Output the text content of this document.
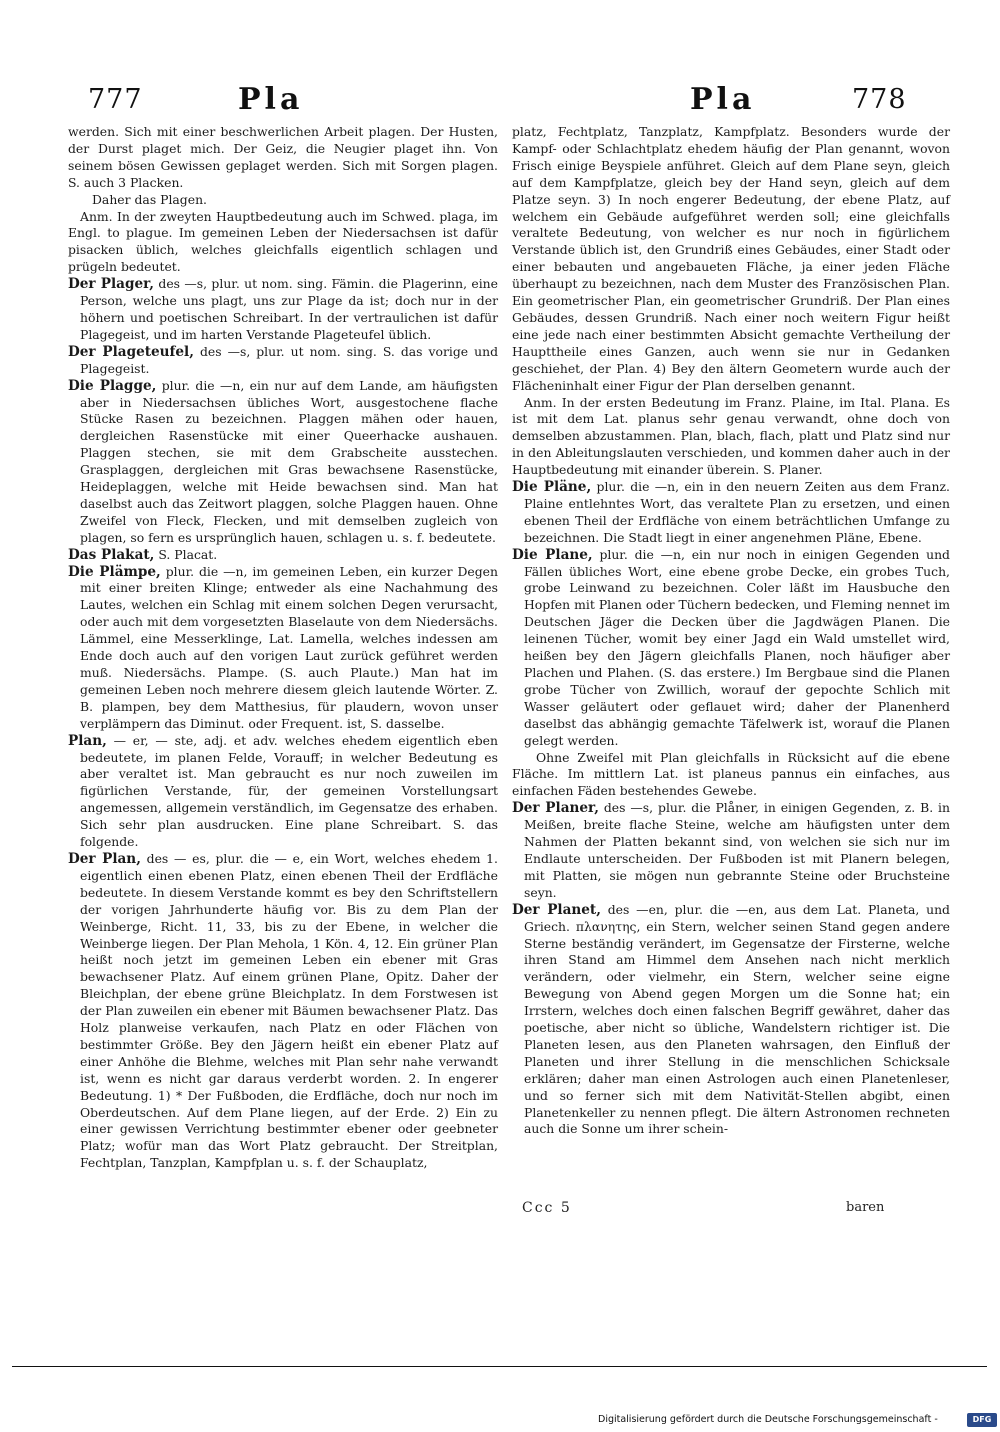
777	Pla	Pla	778

werden. Sich mit einer beschwerlichen Arbeit plagen. Der Husten, der Durst plaget mich. Der Geiz, die Neugier plaget ihn. Von seinem bösen Gewissen geplaget werden. Sich mit Sorgen plagen. S. auch 3 Placken.

Daher das Plagen.

Anm. In der zweyten Hauptbedeutung auch im Schwed. plaga, im Engl. to plague. Im gemeinen Leben der Niedersachsen ist dafür pisacken üblich, welches gleichfalls eigentlich schlagen und prügeln bedeutet.

Der Plager, des —s, plur. ut nom. sing. Fämin. die Plagerinn, eine Person, welche uns plagt, uns zur Plage da ist; doch nur in der höhern und poetischen Schreibart. In der vertraulichen ist dafür Plagegeist, und im harten Verstande Plageteufel üblich.

Der Plageteufel, des —s, plur. ut nom. sing. S. das vorige und Plagegeist.

Die Plagge, plur. die —n, ein nur auf dem Lande, am häufigsten aber in Niedersachsen übliches Wort, ausgestochene flache Stücke Rasen zu bezeichnen. Plaggen mähen oder hauen, dergleichen Rasenstücke mit einer Queerhacke aushauen. Plaggen stechen, sie mit dem Grabscheite ausstechen. Grasplaggen, dergleichen mit Gras bewachsene Rasenstücke, Heideplaggen, welche mit Heide bewachsen sind. Man hat daselbst auch das Zeitwort plaggen, solche Plaggen hauen. Ohne Zweifel von Fleck, Flecken, und mit demselben zugleich von plagen, so fern es ursprünglich hauen, schlagen u. s. f. bedeutete.

Das Plakat, S. Placat.

Die Plämpe, plur. die —n, im gemeinen Leben, ein kurzer Degen mit einer breiten Klinge; entweder als eine Nachahmung des Lautes, welchen ein Schlag mit einem solchen Degen verursacht, oder auch mit dem vorgesetzten Blaselaute von dem Niedersächs. Lämmel, eine Messerklinge, Lat. Lamella, welches indessen am Ende doch auch auf den vorigen Laut zurück geführet werden muß. Niedersächs. Plampe. (S. auch Plaute.) Man hat im gemeinen Leben noch mehrere diesem gleich lautende Wörter. Z. B. plampen, bey dem Matthesius, für plaudern, wovon unser verplämpern das Diminut. oder Frequent. ist, S. dasselbe.

Plan, — er, — ste, adj. et adv. welches ehedem eigentlich eben bedeutete, im planen Felde, Vorauff; in welcher Bedeutung es aber veraltet ist. Man gebraucht es nur noch zuweilen im figürlichen Verstande, für, der gemeinen Vorstellungsart angemessen, allgemein verständlich, im Gegensatze des erhaben. Sich sehr plan ausdrucken. Eine plane Schreibart. S. das folgende.

Der Plan, des — es, plur. die — e, ein Wort, welches ehedem 1. eigentlich einen ebenen Platz, einen ebenen Theil der Erdfläche bedeutete. In diesem Verstande kommt es bey den Schriftstellern der vorigen Jahrhunderte häufig vor. Bis zu dem Plan der Weinberge, Richt. 11, 33, bis zu der Ebene, in welcher die Weinberge liegen. Der Plan Mehola, 1 Kön. 4, 12. Ein grüner Plan heißt noch jetzt im gemeinen Leben ein ebener mit Gras bewachsener Platz. Auf einem grünen Plane, Opitz. Daher der Bleichplan, der ebene grüne Bleichplatz. In dem Forstwesen ist der Plan zuweilen ein ebener mit Bäumen bewachsener Platz. Das Holz planweise verkaufen, nach Platz en oder Flächen von bestimmter Größe. Bey den Jägern heißt ein ebener Platz auf einer Anhöhe die Blehme, welches mit Plan sehr nahe verwandt ist, wenn es nicht gar daraus verderbt worden. 2. In engerer Bedeutung. 1) * Der Fußboden, die Erdfläche, doch nur noch im Oberdeutschen. Auf dem Plane liegen, auf der Erde. 2) Ein zu einer gewissen Verrichtung bestimmter ebener oder geebneter Platz; wofür man das Wort Platz gebraucht. Der Streitplan, Fechtplan, Tanzplan, Kampfplan u. s. f. der Schauplatz,

platz, Fechtplatz, Tanzplatz, Kampfplatz. Besonders wurde der Kampf- oder Schlachtplatz ehedem häufig der Plan genannt, wovon Frisch einige Beyspiele anführet. Gleich auf dem Plane seyn, gleich auf dem Kampfplatze, gleich bey der Hand seyn, gleich auf dem Platze seyn. 3) In noch engerer Bedeutung, der ebene Platz, auf welchem ein Gebäude aufgeführet werden soll; eine gleichfalls veraltete Bedeutung, von welcher es nur noch in figürlichem Verstande üblich ist, den Grundriß eines Gebäudes, einer Stadt oder einer bebauten und angebaueten Fläche, ja einer jeden Fläche überhaupt zu bezeichnen, nach dem Muster des Französischen Plan. Ein geometrischer Plan, ein geometrischer Grundriß. Der Plan eines Gebäudes, dessen Grundriß. Nach einer noch weitern Figur heißt eine jede nach einer bestimmten Absicht gemachte Vertheilung der Haupttheile eines Ganzen, auch wenn sie nur in Gedanken geschiehet, der Plan. 4) Bey den ältern Geometern wurde auch der Flächeninhalt einer Figur der Plan derselben genannt.

Anm. In der ersten Bedeutung im Franz. Plaine, im Ital. Plana. Es ist mit dem Lat. planus sehr genau verwandt, ohne doch von demselben abzustammen. Plan, blach, flach, platt und Platz sind nur in den Ableitungslauten verschieden, und kommen daher auch in der Hauptbedeutung mit einander überein. S. Planer.

Die Pläne, plur. die —n, ein in den neuern Zeiten aus dem Franz. Plaine entlehntes Wort, das veraltete Plan zu ersetzen, und einen ebenen Theil der Erdfläche von einem beträchtlichen Umfange zu bezeichnen. Die Stadt liegt in einer angenehmen Pläne, Ebene.

Die Plane, plur. die —n, ein nur noch in einigen Gegenden und Fällen übliches Wort, eine ebene grobe Decke, ein grobes Tuch, grobe Leinwand zu bezeichnen. Coler läßt im Hausbuche den Hopfen mit Planen oder Tüchern bedecken, und Fleming nennet im Deutschen Jäger die Decken über die Jagdwägen Planen. Die leinenen Tücher, womit bey einer Jagd ein Wald umstellet wird, heißen bey den Jägern gleichfalls Planen, noch häufiger aber Plachen und Plahen. (S. das erstere.) Im Bergbaue sind die Planen grobe Tücher von Zwillich, worauf der gepochte Schlich mit Wasser geläutert oder geflauet wird; daher der Planenherd daselbst das abhängig gemachte Täfelwerk ist, worauf die Planen gelegt werden.

Ohne Zweifel mit Plan gleichfalls in Rücksicht auf die ebene Fläche. Im mittlern Lat. ist planeus pannus ein einfaches, aus einfachen Fäden bestehendes Gewebe.

Der Planer, des —s, plur. die Plåner, in einigen Gegenden, z. B. in Meißen, breite flache Steine, welche am häufigsten unter dem Nahmen der Platten bekannt sind, von welchen sie sich nur im Endlaute unterscheiden. Der Fußboden ist mit Planern belegen, mit Platten, sie mögen nun gebrannte Steine oder Bruchsteine seyn.

Der Planet, des —en, plur. die —en, aus dem Lat. Planeta, und Griech. πλανητης, ein Stern, welcher seinen Stand gegen andere Sterne beständig verändert, im Gegensatze der Firsterne, welche ihren Stand am Himmel dem Ansehen nach nicht merklich verändern, oder vielmehr, ein Stern, welcher seine eigne Bewegung von Abend gegen Morgen um die Sonne hat; ein Irrstern, welches doch einen falschen Begriff gewähret, daher das poetische, aber nicht so übliche, Wandelstern richtiger ist. Die Planeten lesen, aus den Planeten wahrsagen, den Einfluß der Planeten und ihrer Stellung in die menschlichen Schicksale erklären; daher man einen Astrologen auch einen Planetenleser, und so ferner sich mit dem Nativität-Stellen abgibt, einen Planetenkeller zu nennen pflegt. Die ältern Astronomen rechneten auch die Sonne um ihrer schein-

Ccc 5	baren
Digitalisierung gefördert durch die Deutsche Forschungsgemeinschaft -	DFG
